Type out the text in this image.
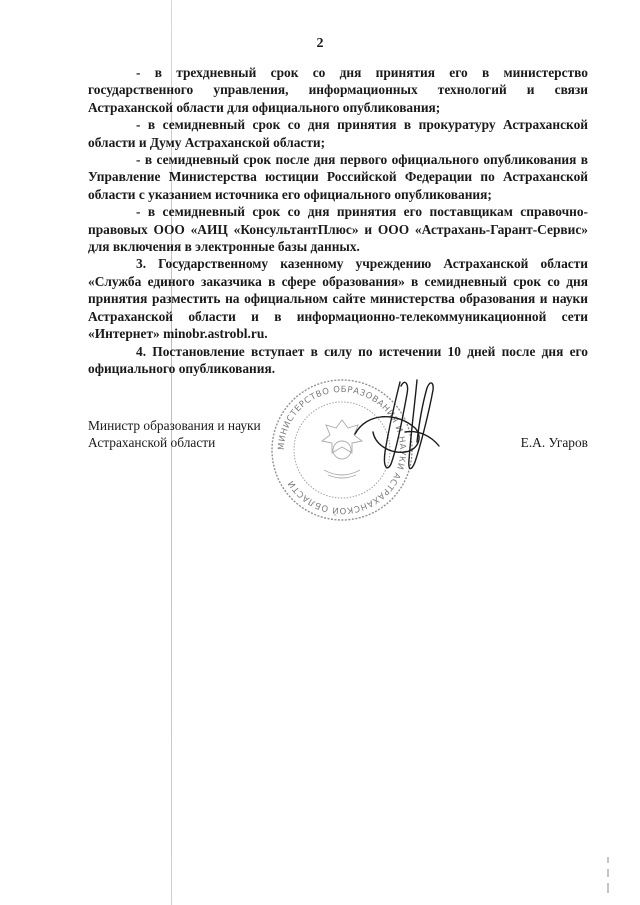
2

- в трехдневный срок со дня принятия его в министерство государственного управления, информационных технологий и связи Астраханской области для официального опубликования;

- в семидневный срок со дня принятия в прокуратуру Астраханской области и Думу Астраханской области;

- в семидневный срок после дня первого официального опубликования в Управление Министерства юстиции Российской Федерации по Астраханской области с указанием источника его официального опубликования;

- в семидневный срок со дня принятия его поставщикам справочно-правовых ООО «АИЦ «КонсультантПлюс» и ООО «Астрахань-Гарант-Сервис» для включения в электронные базы данных.

3. Государственному казенному учреждению Астраханской области «Служба единого заказчика в сфере образования» в семидневный срок со дня принятия разместить на официальном сайте министерства образования и науки Астраханской области и в информационно-телекоммуникационной сети «Интернет» minobr.astrobl.ru.

4. Постановление вступает в силу по истечении 10 дней после дня его официального опубликования.

Министр образования и науки
Астраханской области	Е.А. Угаров
МИНИСТЕРСТВО ОБРАЗОВАНИЯ И НАУКИ АСТРАХАНСКОЙ ОБЛАСТИ
